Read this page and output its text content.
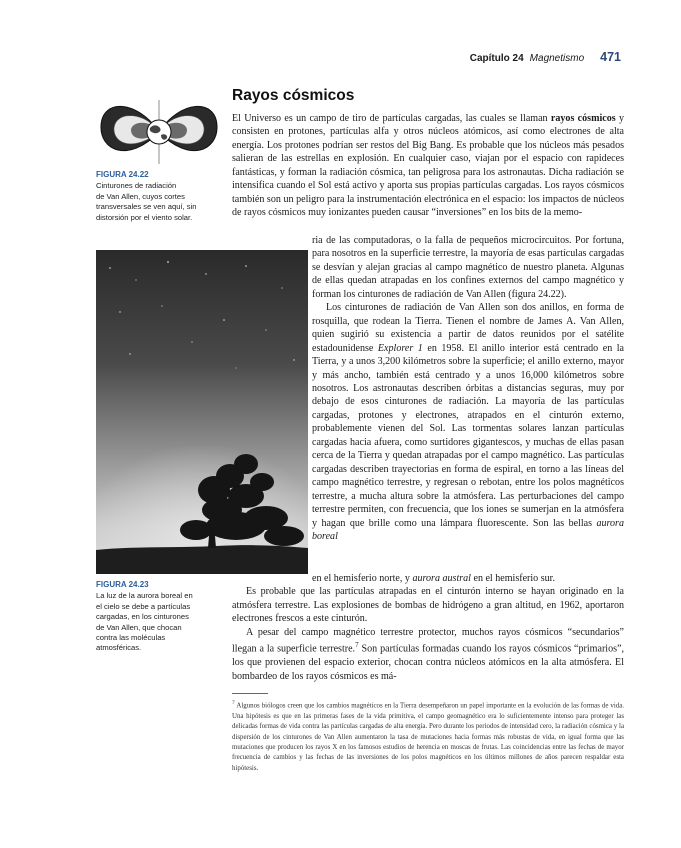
Capítulo 24 Magnetismo 471
Rayos cósmicos
FIGURA 24.22
Cinturones de radiación
de Van Allen, cuyos cortes
transversales se ven aquí, sin
distorsión por el viento solar.
FIGURA 24.23
La luz de la aurora boreal en
el cielo se debe a partículas
cargadas, en los cinturones
de Van Allen, que chocan
contra las moléculas
atmosféricas.

El Universo es un campo de tiro de partículas cargadas, las cuales se llaman rayos cósmicos y consisten en protones, partículas alfa y otros núcleos atómicos, así como electrones de alta energía. Los protones podrían ser restos del Big Bang. Es probable que los núcleos más pesados salieran de las estrellas en explosión. En cualquier caso, viajan por el espacio con rapideces fantásticas, y forman la radiación cósmica, tan peligrosa para los astronautas. Dicha radiación se intensifica cuando el Sol está activo y aporta sus propias partículas cargadas. Los rayos cósmicos también son un peligro para la instrumentación electrónica en el espacio: los impactos de núcleos de rayos cósmicos muy ionizantes pueden causar “inversiones” en los bits de la memo-

ria de las computadoras, o la falla de pequeños microcircuitos. Por fortuna, para nosotros en la superficie terrestre, la mayoría de esas partículas cargadas se desvían y alejan gracias al campo magnético de nuestro planeta. Algunas de ellas quedan atrapadas en los confines externos del campo magnético y forman los cinturones de radiación de Van Allen (figura 24.22).

Los cinturones de radiación de Van Allen son dos anillos, en forma de rosquilla, que rodean la Tierra. Tienen el nombre de James A. Van Allen, quien sugirió su existencia a partir de datos reunidos por el satélite estadounidense Explorer 1 en 1958. El anillo interior está centrado en la Tierra, y a unos 3,200 kilómetros sobre la superficie; el anillo externo, mayor y más ancho, también está centrado y a unos 16,000 kilómetros sobre nosotros. Los astronautas describen órbitas a distancias seguras, muy por debajo de esos cinturones de radiación. La mayoría de las partículas cargadas, protones y electrones, atrapados en el cinturón externo, probablemente vienen del Sol. Las tormentas solares lanzan partículas cargadas hacia afuera, como surtidores gigantescos, y muchas de ellas pasan cerca de la Tierra y quedan atrapadas por el campo magnético. Las partículas cargadas describen trayectorias en forma de espiral, en torno a las líneas del campo magnético terrestre, y regresan o rebotan, entre los polos magnéticos terrestre, a mucha altura sobre la atmósfera. Las perturbaciones del campo terrestre permiten, con frecuencia, que los iones se sumerjan en la atmósfera y hagan que brille como una lámpara fluorescente. Son las bellas aurora boreal

en el hemisferio norte, y aurora austral en el hemisferio sur.

Es probable que las partículas atrapadas en el cinturón interno se hayan originado en la atmósfera terrestre. Las explosiones de bombas de hidrógeno a gran altitud, en 1962, aportaron electrones frescos a este cinturón.

A pesar del campo magnético terrestre protector, muchos rayos cósmicos “secundarios” llegan a la superficie terrestre.$^7$ Son partículas formadas cuando los rayos cósmicos “primarios”, los que provienen del espacio exterior, chocan contra núcleos atómicos en la alta atmósfera. El bombardeo de los rayos cósmicos es má-

$^7$ Algunos biólogos creen que los cambios magnéticos en la Tierra desempeñaron un papel importante en la evolución de las formas de vida. Una hipótesis es que en las primeras fases de la vida primitiva, el campo geomagnético era lo suficientemente intenso para proteger las delicadas formas de vida contra las partículas cargadas de alta energía. Pero durante los periodos de intensidad cero, la radiación cósmica y la dispersión de los cinturones de Van Allen aumentaron la tasa de mutaciones hacia formas más robustas de vida, en igual forma que las mutaciones que producen los rayos X en los famosos estudios de herencia en moscas de frutas. Las coincidencias entre las fechas de mayor frecuencia de cambios y las fechas de las inversiones de los polos magnéticos en los últimos millones de años parecen respaldar esta hipótesis.
